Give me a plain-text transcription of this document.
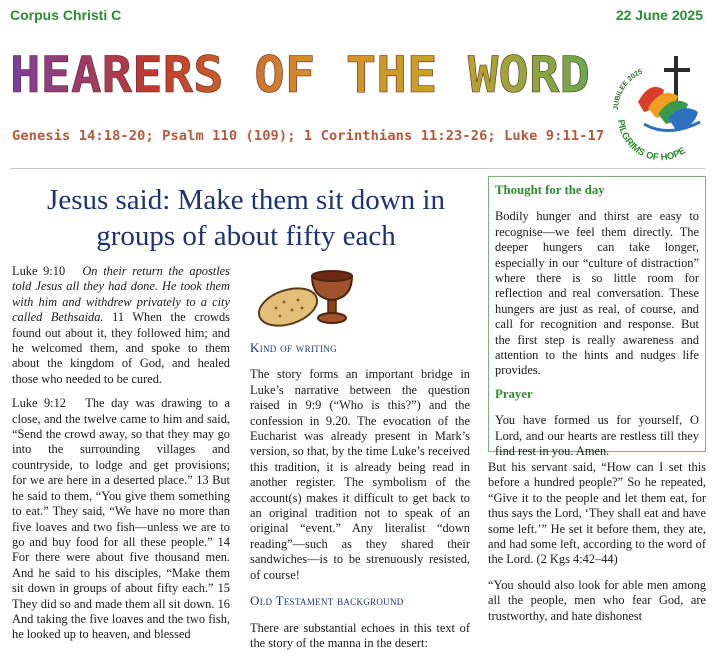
Corpus Christi C	22 June 2025
HEARERS OF THE WORD
Genesis 14:18-20; Psalm 110 (109); 1 Corinthians 11:23-26; Luke 9:11-17
JUBILEE 2025
PILGRIMS OF HOPE
Jesus said: Make them sit down in groups of about fifty each

Luke 9:10 On their return the apostles told Jesus all they had done. He took them with him and withdrew privately to a city called Bethsaida. 11 When the crowds found out about it, they followed him; and he welcomed them, and spoke to them about the kingdom of God, and healed those who needed to be cured.

Luke 9:12 The day was drawing to a close, and the twelve came to him and said, “Send the crowd away, so that they may go into the surrounding villages and countryside, to lodge and get provisions; for we are here in a deserted place.” 13 But he said to them, “You give them something to eat.” They said, “We have no more than five loaves and two fish—unless we are to go and buy food for all these people.” 14 For there were about five thousand men. And he said to his disciples, “Make them sit down in groups of about fifty each.” 15 They did so and made them all sit down. 16 And taking the five loaves and the two fish, he looked up to heaven, and blessed

Kind of writing

The story forms an important bridge in Luke’s narrative between the question raised in 9:9 (“Who is this?”) and the confession in 9.20. The evocation of the Eucharist was already present in Mark’s version, so that, by the time Luke’s received this tradition, it is already being read in another register. The symbolism of the account(s) makes it difficult to get back to an original tradition not to speak of an original “event.” Any literalist “down reading”—such as they shared their sandwiches—is to be strenuously resisted, of course!

Old Testament background

There are substantial echoes in this text of the story of the manna in the desert:

Thought for the day

Bodily hunger and thirst are easy to recognise—we feel them directly. The deeper hungers can take longer, especially in our “culture of distraction” where there is so little room for reflection and real conversation. These hungers are just as real, of course, and call for recognition and response. But the first step is really awareness and attention to the hints and nudges life provides.

Prayer

You have formed us for yourself, O Lord, and our hearts are restless till they find rest in you. Amen.

But his servant said, “How can I set this before a hundred people?” So he repeated, “Give it to the people and let them eat, for thus says the Lord, ‘They shall eat and have some left.’” He set it before them, they ate, and had some left, according to the word of the Lord. (2 Kgs 4:42–44)

“You should also look for able men among all the people, men who fear God, are trustworthy, and hate dishonest
